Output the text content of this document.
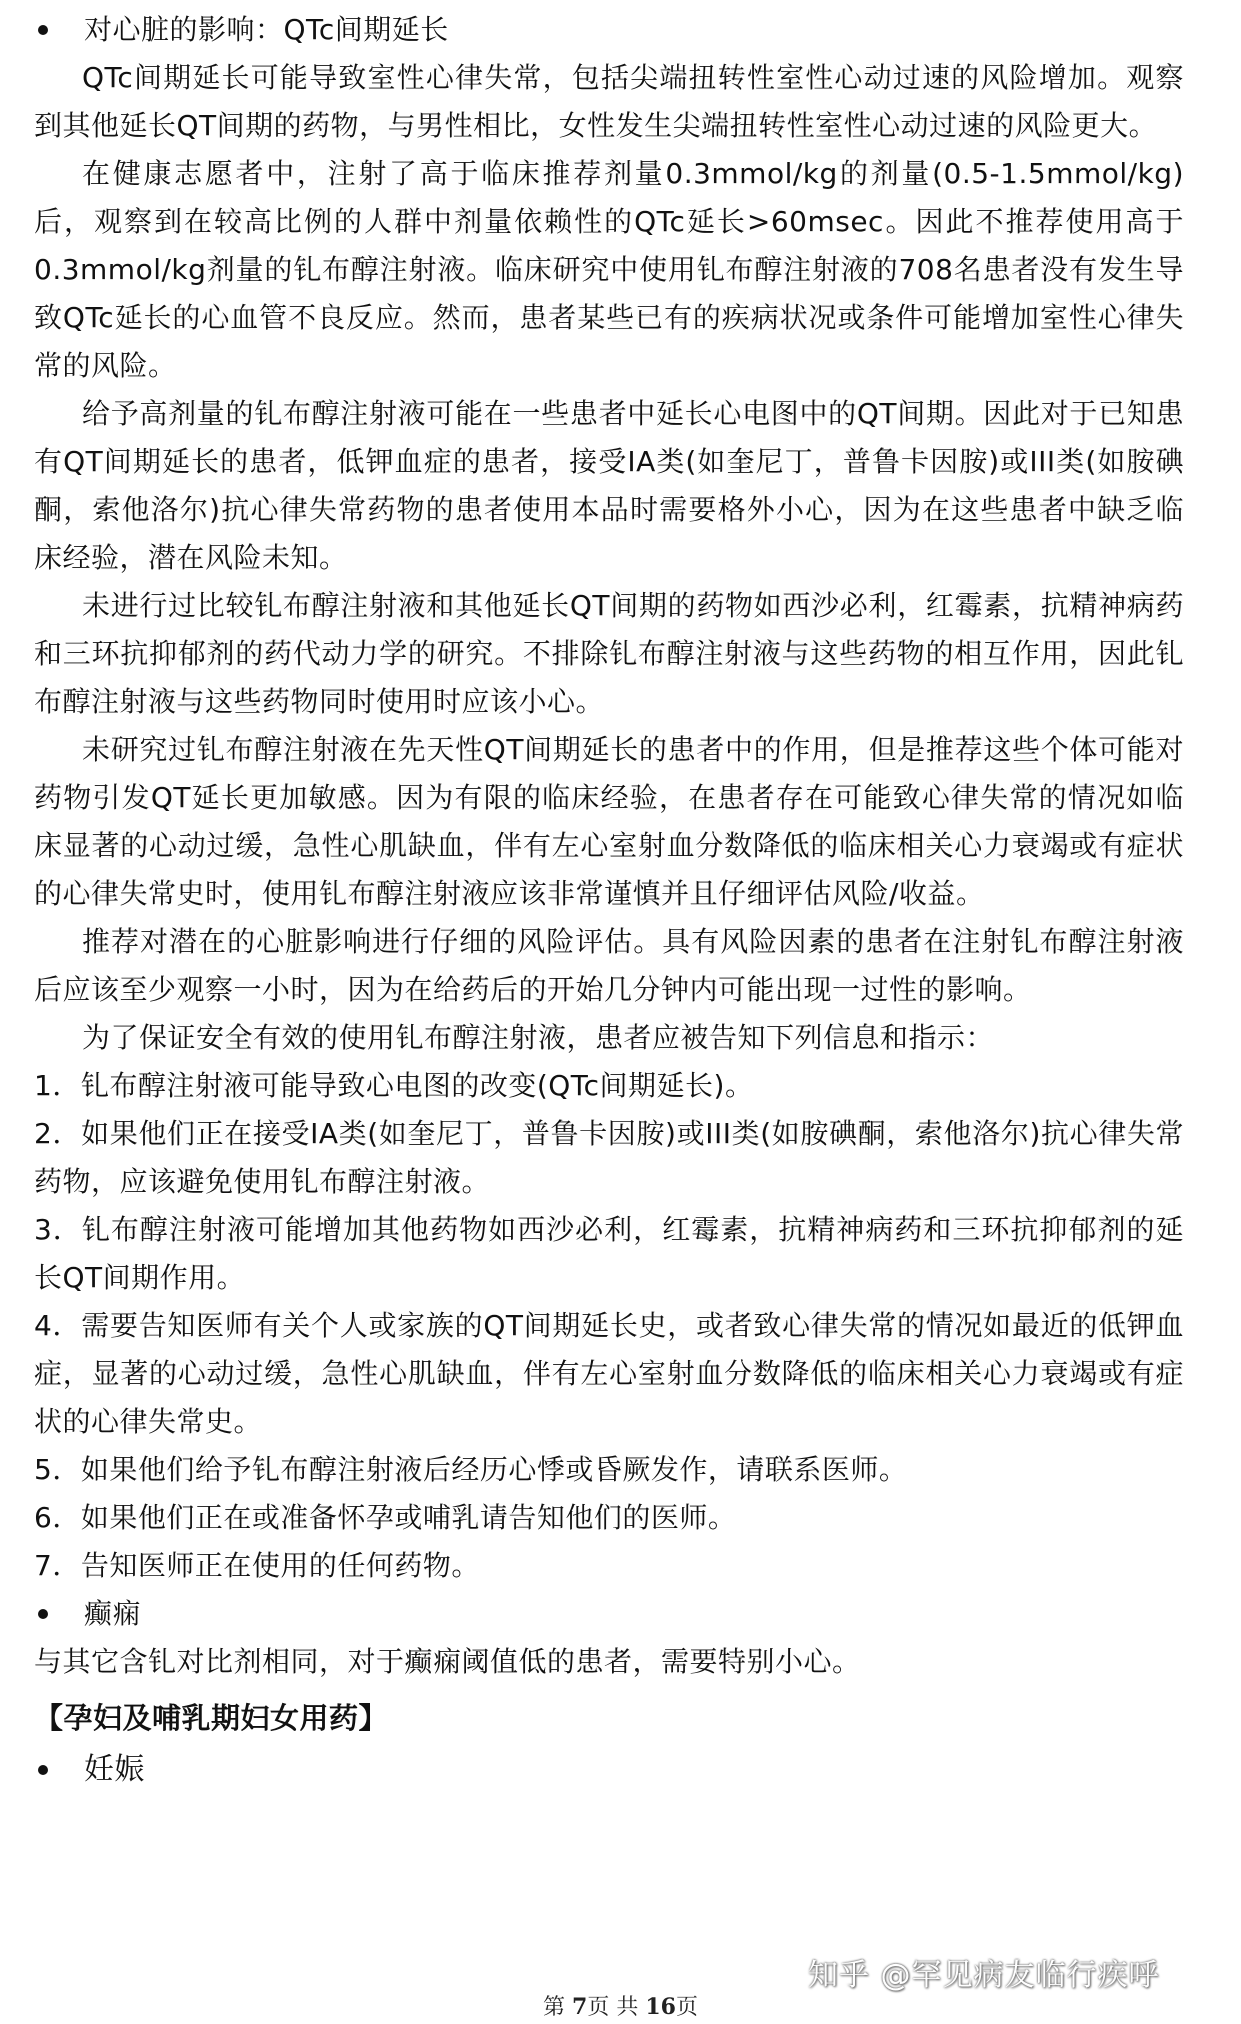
对心脏的影响：QTc间期延长

QTc间期延长可能导致室性心律失常，包括尖端扭转性室性心动过速的风险增加。观察到其他延长QT间期的药物，与男性相比，女性发生尖端扭转性室性心动过速的风险更大。

在健康志愿者中，注射了高于临床推荐剂量0.3mmol/kg的剂量(0.5-1.5mmol/kg)后，观察到在较高比例的人群中剂量依赖性的QTc延长>60msec。因此不推荐使用高于0.3mmol/kg剂量的钆布醇注射液。临床研究中使用钆布醇注射液的708名患者没有发生导致QTc延长的心血管不良反应。然而，患者某些已有的疾病状况或条件可能增加室性心律失常的风险。

给予高剂量的钆布醇注射液可能在一些患者中延长心电图中的QT间期。因此对于已知患有QT间期延长的患者，低钾血症的患者，接受IA类(如奎尼丁，普鲁卡因胺)或III类(如胺碘酮，索他洛尔)抗心律失常药物的患者使用本品时需要格外小心，因为在这些患者中缺乏临床经验，潜在风险未知。

未进行过比较钆布醇注射液和其他延长QT间期的药物如西沙必利，红霉素，抗精神病药和三环抗抑郁剂的药代动力学的研究。不排除钆布醇注射液与这些药物的相互作用，因此钆布醇注射液与这些药物同时使用时应该小心。

未研究过钆布醇注射液在先天性QT间期延长的患者中的作用，但是推荐这些个体可能对药物引发QT延长更加敏感。因为有限的临床经验，在患者存在可能致心律失常的情况如临床显著的心动过缓，急性心肌缺血，伴有左心室射血分数降低的临床相关心力衰竭或有症状的心律失常史时，使用钆布醇注射液应该非常谨慎并且仔细评估风险/收益。

推荐对潜在的心脏影响进行仔细的风险评估。具有风险因素的患者在注射钆布醇注射液后应该至少观察一小时，因为在给药后的开始几分钟内可能出现一过性的影响。

为了保证安全有效的使用钆布醇注射液，患者应被告知下列信息和指示：

1．钆布醇注射液可能导致心电图的改变(QTc间期延长)。

2．如果他们正在接受IA类(如奎尼丁，普鲁卡因胺)或III类(如胺碘酮，索他洛尔)抗心律失常药物，应该避免使用钆布醇注射液。

3．钆布醇注射液可能增加其他药物如西沙必利，红霉素，抗精神病药和三环抗抑郁剂的延长QT间期作用。

4．需要告知医师有关个人或家族的QT间期延长史，或者致心律失常的情况如最近的低钾血症，显著的心动过缓，急性心肌缺血，伴有左心室射血分数降低的临床相关心力衰竭或有症状的心律失常史。

5．如果他们给予钆布醇注射液后经历心悸或昏厥发作，请联系医师。

6．如果他们正在或准备怀孕或哺乳请告知他们的医师。

7．告知医师正在使用的任何药物。

癫痫

与其它含钆对比剂相同，对于癫痫阈值低的患者，需要特别小心。

【孕妇及哺乳期妇女用药】
妊娠
知乎 @罕见病友临行疾呼
第 7页 共 16页
